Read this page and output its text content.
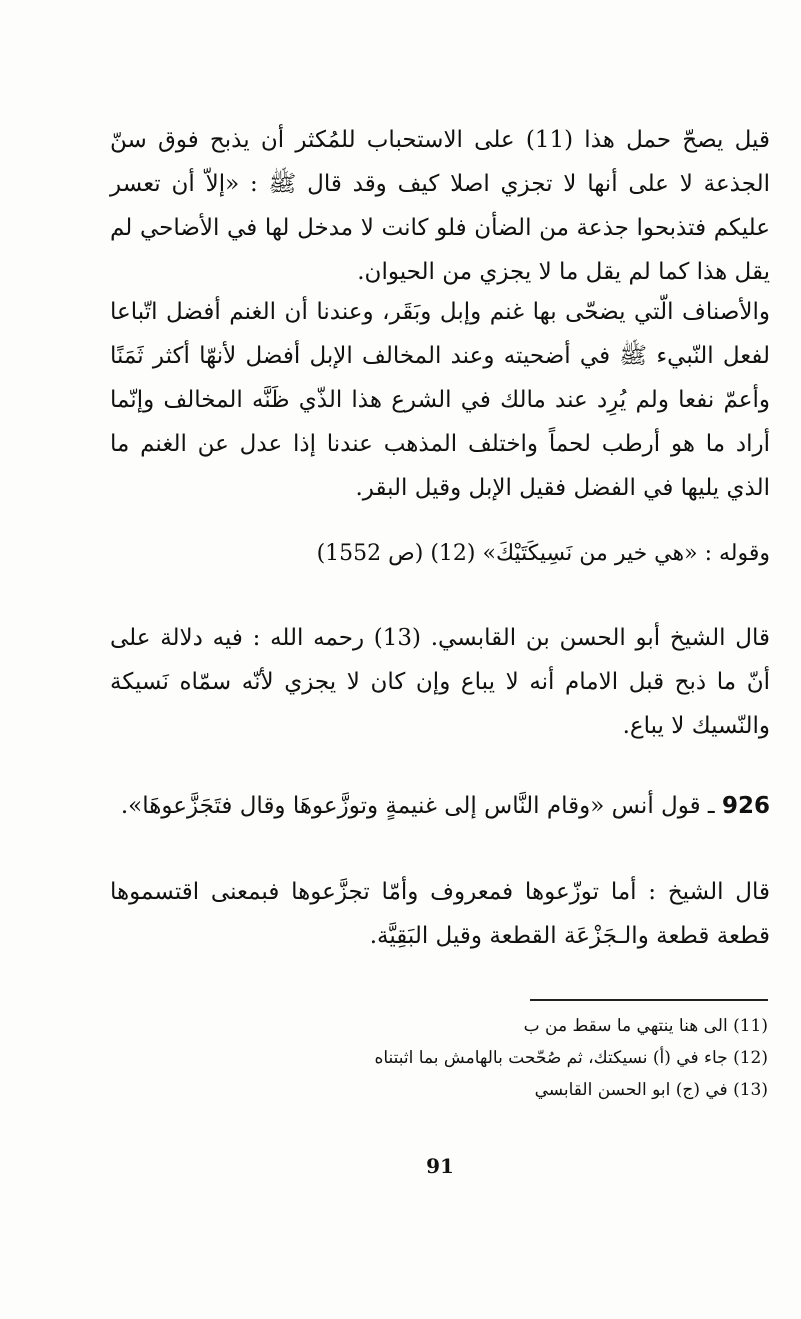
قيل يصحّ حمل هذا (11) على الاستحباب للمُكثر أن يذبح فوق سنّ الجذعة لا على أنها لا تجزي اصلا كيف وقد قال ﷺ : «إلاّ أن تعسر عليكم فتذبحوا جذعة من الضأن فلو كانت لا مدخل لها في الأضاحي لم يقل هذا كما لم يقل ما لا يجزي من الحيوان.

والأصناف الّتي يضحّى بها غنم وإبل وبَقَر، وعندنا أن الغنم أفضل اتّباعا لفعل النّبيء ﷺ في أضحيته وعند المخالف الإبل أفضل لأنهّا أكثر ثَمَنًا وأعمّ نفعا ولم يُرِد عند مالك في الشرع هذا الذّي ظَنَّه المخالف وإنّما أراد ما هو أرطب لحماً واختلف المذهب عندنا إذا عدل عن الغنم ما الذي يليها في الفضل فقيل الإبل وقيل البقر.

وقوله : «هي خير من نَسِيكَتَيْكَ» (12) (ص 1552)

قال الشيخ أبو الحسن بن القابسي. (13) رحمه الله : فيه دلالة على أنّ ما ذبح قبل الامام أنه لا يباع وإن كان لا يجزي لأنّه سمّاه نَسيكة والنّسيك لا يباع.

926 ـ قول أنس «وقام النَّاس إلى غنيمةٍ وتوزَّعوهَا وقال فتَجَزَّعوهَا».

قال الشيخ : أما توزّعوها فمعروف وأمّا تجزَّعوها فبمعنى اقتسموها قطعة قطعة والـجَزْعَة القطعة وقيل البَقِيَّة.

(11) الى هنا ينتهي ما سقط من ب

(12) جاء في (أ) نسيكتك، ثم صُحّحت بالهامش بما اثبتناه

(13) في (ج) ابو الحسن القابسي

91
